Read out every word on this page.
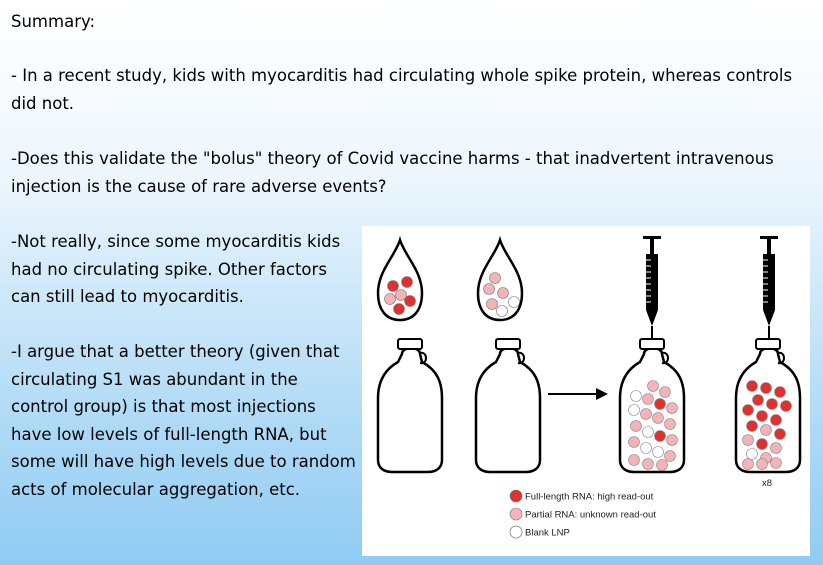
Summary:

- In a recent study, kids with myocarditis had circulating whole spike protein, whereas controls did not.

-Does this validate the "bolus" theory of Covid vaccine harms - that inadvertent intravenous injection is the cause of rare adverse events?

-Not really, since some myocarditis kids had no circulating spike. Other factors can still lead to myocarditis.

-I argue that a better theory (given that circulating S1 was abundant in the control group) is that most injections have low levels of full-length RNA, but some will have high levels due to random acts of molecular aggregation, etc.	x8
Full-length RNA: high read-out
Partial RNA: unknown read-out
Blank LNP
